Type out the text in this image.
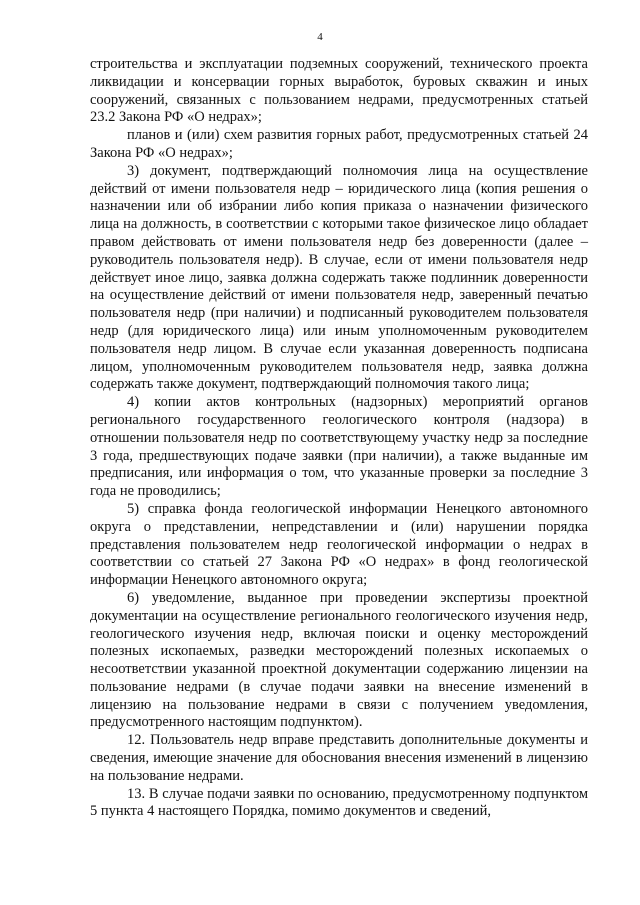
4

строительства и эксплуатации подземных сооружений, технического проекта ликвидации и консервации горных выработок, буровых скважин и иных сооружений, связанных с пользованием недрами, предусмотренных статьей 23.2 Закона РФ «О недрах»;

планов и (или) схем развития горных работ, предусмотренных статьей 24 Закона РФ «О недрах»;

3) документ, подтверждающий полномочия лица на осуществление действий от имени пользователя недр – юридического лица (копия решения о назначении или об избрании либо копия приказа о назначении физического лица на должность, в соответствии с которыми такое физическое лицо обладает правом действовать от имени пользователя недр без доверенности (далее – руководитель пользователя недр). В случае, если от имени пользователя недр действует иное лицо, заявка должна содержать также подлинник доверенности на осуществление действий от имени пользователя недр, заверенный печатью пользователя недр (при наличии) и подписанный руководителем пользователя недр (для юридического лица) или иным уполномоченным руководителем пользователя недр лицом. В случае если указанная доверенность подписана лицом, уполномоченным руководителем пользователя недр, заявка должна содержать также документ, подтверждающий полномочия такого лица;

4) копии актов контрольных (надзорных) мероприятий органов регионального государственного геологического контроля (надзора) в отношении пользователя недр по соответствующему участку недр за последние 3 года, предшествующих подаче заявки (при наличии), а также выданные им предписания, или информация о том, что указанные проверки за последние 3 года не проводились;

5) справка фонда геологической информации Ненецкого автономного округа о представлении, непредставлении и (или) нарушении порядка представления пользователем недр геологической информации о недрах в соответствии со статьей 27 Закона РФ «О недрах» в фонд геологической информации Ненецкого автономного округа;

6) уведомление, выданное при проведении экспертизы проектной документации на осуществление регионального геологического изучения недр, геологического изучения недр, включая поиски и оценку месторождений полезных ископаемых, разведки месторождений полезных ископаемых о несоответствии указанной проектной документации содержанию лицензии на пользование недрами (в случае подачи заявки на внесение изменений в лицензию на пользование недрами в связи с получением уведомления, предусмотренного настоящим подпунктом).

12. Пользователь недр вправе представить дополнительные документы и сведения, имеющие значение для обоснования внесения изменений в лицензию на пользование недрами.

13. В случае подачи заявки по основанию, предусмотренному подпунктом 5 пункта 4 настоящего Порядка, помимо документов и сведений,
